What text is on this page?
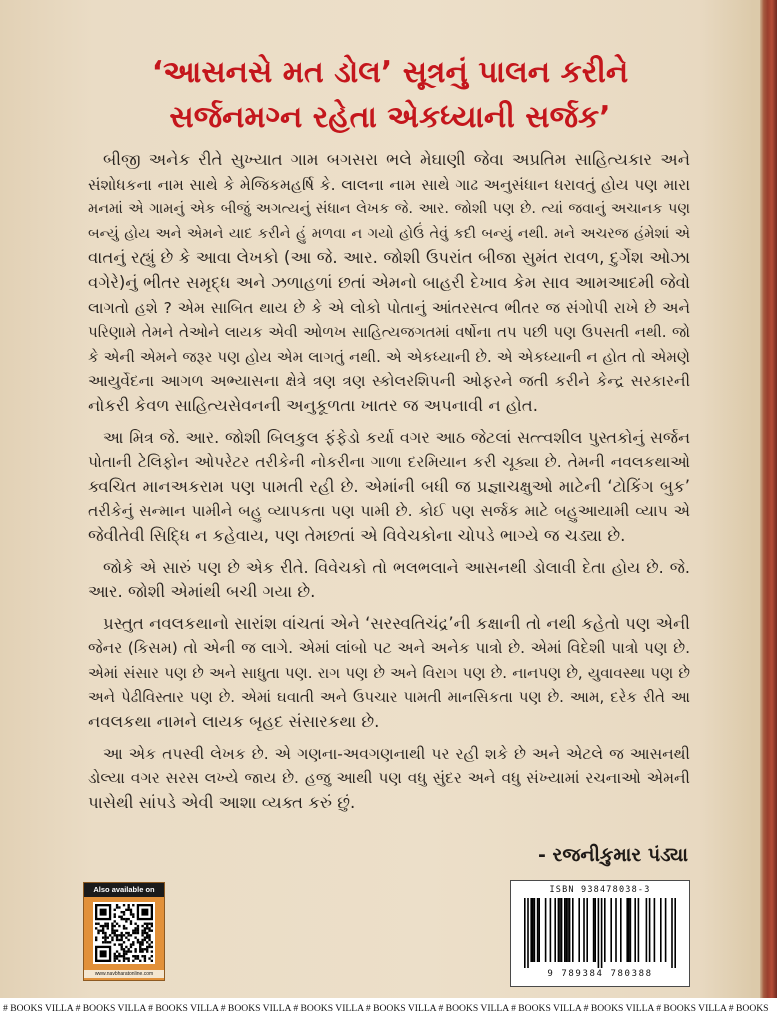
‘આસનસે મત ડોલ’ સૂત્રનું પાલન કરીને
સર્જનમગ્ન રહેતા એકધ્યાની સર્જક’
બીજી અનેક રીતે સુખ્યાત ગામ બગસરા ભલે મેઘાણી જેવા અપ્રતિમ સાહિત્યકાર અને
સંશોધકના નામ સાથે કે મેજિકમહર્ષિ કે. લાલના નામ સાથે ગાઢ અનુસંધાન ધરાવતું હોય પણ મારા
મનમાં એ ગામનું એક બીજું અગત્યનું સંધાન લેખક જે. આર. જોશી પણ છે. ત્યાં જવાનું અચાનક પણ
બન્યું હોય અને એમને યાદ કરીને હું મળવા ન ગયો હોઉં તેવું કદી બન્યું નથી. મને અચરજ હંમેશાં એ
વાતનું રહ્યું છે કે આવા લેખકો (આ જે. આર. જોશી ઉપરાંત બીજા સુમંત રાવળ, દુર્ગેશ ઓઝા
વગેરે)નું ભીતર સમૃદ્ધ અને ઝળાહળાં છતાં એમનો બાહરી દેખાવ કેમ સાવ આમઆદમી જેવો
લાગતો હશે ? એમ સાબિત થાય છે કે એ લોકો પોતાનું આંતરસત્વ ભીતર જ સંગોપી રાખે છે અને
પરિણામે તેમને તેઓને લાયક એવી ઓળખ સાહિત્યજગતમાં વર્ષોના તપ પછી પણ ઉપસતી નથી. જો
કે એની એમને જરૂર પણ હોય એમ લાગતું નથી. એ એકધ્યાની છે. એ એકધ્યાની ન હોત તો એમણે
આયુર્વેદના આગળ અભ્યાસના ક્ષેત્રે ત્રણ ત્રણ સ્કોલરશિપની ઓફરને જતી કરીને કેન્દ્ર સરકારની
નોકરી કેવળ સાહિત્યસેવનની અનુકૂળતા ખાતર જ અપનાવી ન હોત.
આ મિત્ર જે. આર. જોશી બિલકુલ ફંફેડો કર્યા વગર આઠ જેટલાં સત્ત્વશીલ પુસ્તકોનું સર્જન
પોતાની ટેલિફોન ઓપરેટર તરીકેની નોકરીના ગાળા દરમિયાન કરી ચૂક્યા છે. તેમની નવલકથાઓ
ક્વચિત માનઅકરામ પણ પામતી રહી છે. એમાંની બધી જ પ્રજ્ઞાચક્ષુઓ માટેની ‘ટોકિંગ બુક’
તરીકેનું સન્માન પામીને બહુ વ્યાપકતા પણ પામી છે. કોઈ પણ સર્જક માટે બહુઆયામી વ્યાપ એ
જેવીતેવી સિદ્ધિ ન કહેવાય, પણ તેમછતાં એ વિવેચકોના ચોપડે ભાગ્યે જ ચડ્યા છે.
જોકે એ સારું પણ છે એક રીતે. વિવેચકો તો ભલભલાને આસનથી ડોલાવી દેતા હોય છે. જે.
આર. જોશી એમાંથી બચી ગયા છે.
પ્રસ્તુત નવલકથાનો સારાંશ વાંચતાં એને ‘સરસ્વતિચંદ્ર’ની કક્ષાની તો નથી કહેતો પણ એની
જેનર (કિસમ) તો એની જ લાગે. એમાં લાંબો પટ અને અનેક પાત્રો છે. એમાં વિદેશી પાત્રો પણ છે.
એમાં સંસાર પણ છે અને સાધુતા પણ. રાગ પણ છે અને વિરાગ પણ છે. નાનપણ છે, યુવાવસ્થા પણ છે
અને પેઢીવિસ્તાર પણ છે. એમાં ઘવાતી અને ઉપચાર પામતી માનસિકતા પણ છે. આમ, દરેક રીતે આ
નવલકથા નામને લાયક બૃહદ સંસારકથા છે.
આ એક તપસ્વી લેખક છે. એ ગણના-અવગણનાથી પર રહી શકે છે અને એટલે જ આસનથી
ડોલ્યા વગર સરસ લખ્યે જાય છે. હજુ આથી પણ વધુ સુંદર અને વધુ સંખ્યામાં રચનાઓ એમની
પાસેથી સાંપડે એવી આશા વ્યક્ત કરું છું.
- રજનીકુમાર પંડ્યા
Also available on
www.navbharatonline.com
ISBN 938478038-3
9 789384 780388
# BOOKS VILLA # BOOKS VILLA # BOOKS VILLA # BOOKS VILLA # BOOKS VILLA # BOOKS VILLA # BOOKS VILLA # BOOKS VILLA # BOOKS VILLA # BOOKS VILLA # BOOKS
